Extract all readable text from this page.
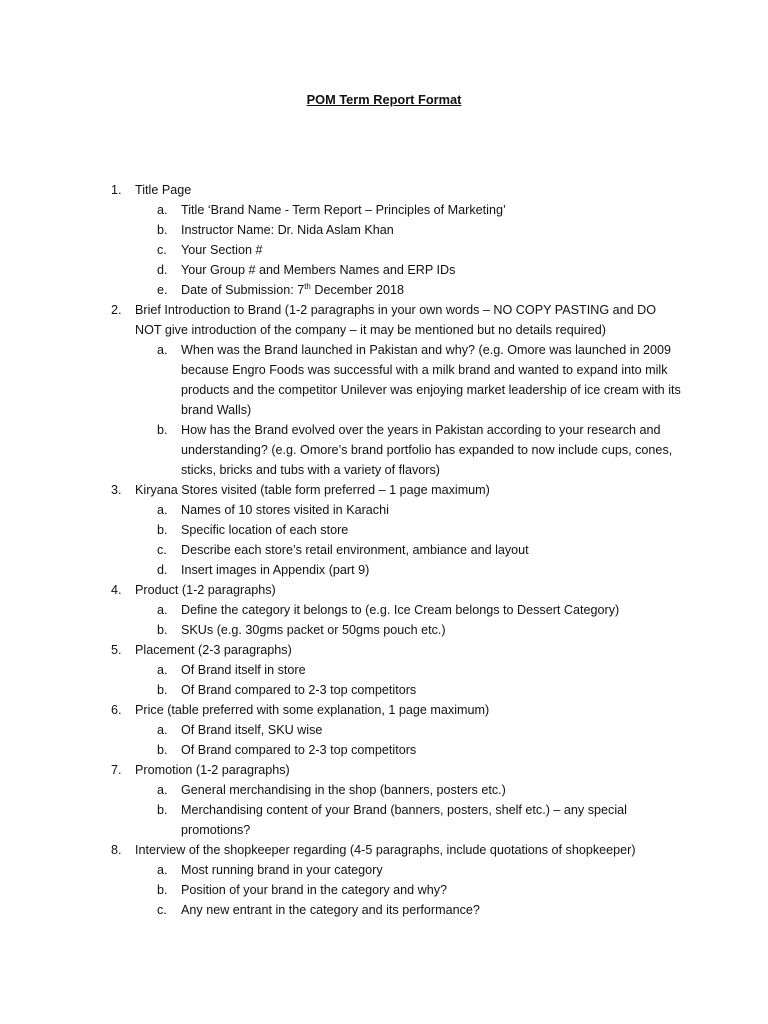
POM Term Report Format
1. Title Page
a. Title ‘Brand Name - Term Report – Principles of Marketing’
b. Instructor Name: Dr. Nida Aslam Khan
c. Your Section #
d. Your Group # and Members Names and ERP IDs
e. Date of Submission: 7th December 2018
2. Brief Introduction to Brand (1-2 paragraphs in your own words – NO COPY PASTING and DO NOT give introduction of the company – it may be mentioned but no details required)
a. When was the Brand launched in Pakistan and why? (e.g. Omore was launched in 2009 because Engro Foods was successful with a milk brand and wanted to expand into milk products and the competitor Unilever was enjoying market leadership of ice cream with its brand Walls)
b. How has the Brand evolved over the years in Pakistan according to your research and understanding? (e.g. Omore’s brand portfolio has expanded to now include cups, cones, sticks, bricks and tubs with a variety of flavors)
3. Kiryana Stores visited (table form preferred – 1 page maximum)
a. Names of 10 stores visited in Karachi
b. Specific location of each store
c. Describe each store’s retail environment, ambiance and layout
d. Insert images in Appendix (part 9)
4. Product (1-2 paragraphs)
a. Define the category it belongs to (e.g. Ice Cream belongs to Dessert Category)
b. SKUs (e.g. 30gms packet or 50gms pouch etc.)
5. Placement (2-3 paragraphs)
a. Of Brand itself in store
b. Of Brand compared to 2-3 top competitors
6. Price (table preferred with some explanation, 1 page maximum)
a. Of Brand itself, SKU wise
b. Of Brand compared to 2-3 top competitors
7. Promotion (1-2 paragraphs)
a. General merchandising in the shop (banners, posters etc.)
b. Merchandising content of your Brand (banners, posters, shelf etc.) – any special promotions?
8. Interview of the shopkeeper regarding (4-5 paragraphs, include quotations of shopkeeper)
a. Most running brand in your category
b. Position of your brand in the category and why?
c. Any new entrant in the category and its performance?
